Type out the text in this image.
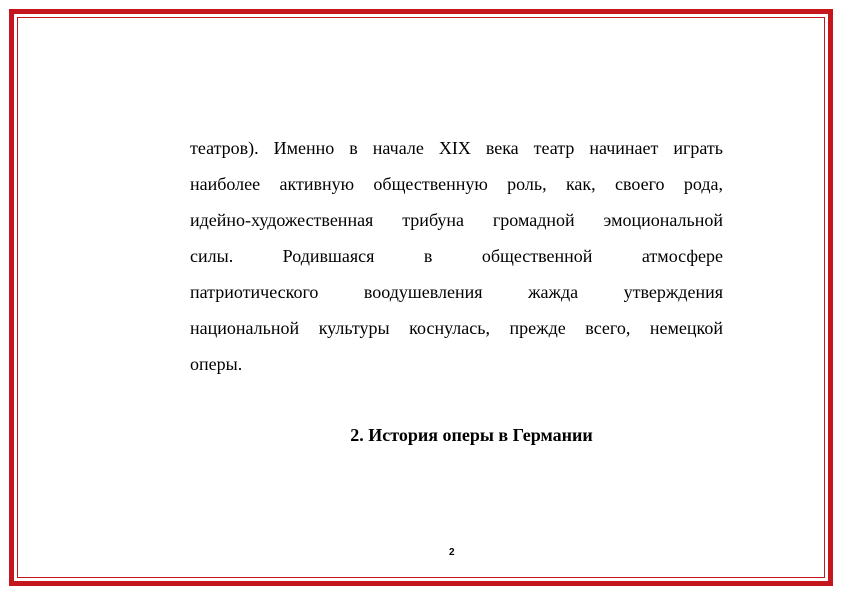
театров). Именно в начале XIX века театр начинает играть
наиболее активную общественную роль, как, своего рода,
идейно-художественная трибуна громадной эмоциональной
силы. Родившаяся в общественной атмосфере
патриотического воодушевления жажда утверждения
национальной культуры коснулась, прежде всего, немецкой
оперы.
2. История оперы в Германии
2
